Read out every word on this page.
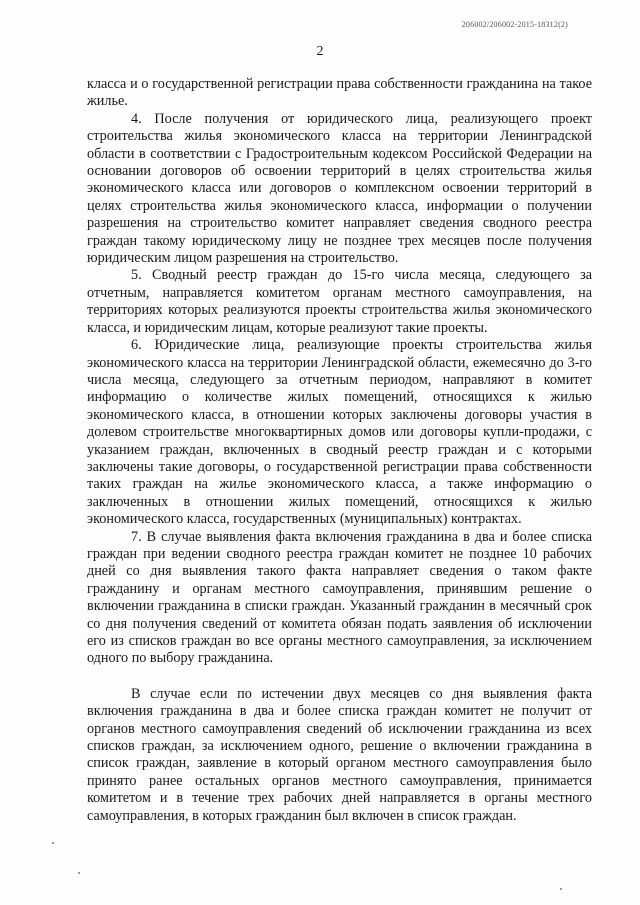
206002/206002-2015-18312(2)
2

класса и о государственной регистрации права собственности гражданина на такое жилье.

4. После получения от юридического лица, реализующего проект строительства жилья экономического класса на территории Ленинградской области в соответствии с Градостроительным кодексом Российской Федерации на основании договоров об освоении территорий в целях строительства жилья экономического класса или договоров о комплексном освоении территорий в целях строительства жилья экономического класса, информации о получении разрешения на строительство комитет направляет сведения сводного реестра граждан такому юридическому лицу не позднее трех месяцев после получения юридическим лицом разрешения на строительство.

5. Сводный реестр граждан до 15-го числа месяца, следующего за отчетным, направляется комитетом органам местного самоуправления, на территориях которых реализуются проекты строительства жилья экономического класса, и юридическим лицам, которые реализуют такие проекты.

6. Юридические лица, реализующие проекты строительства жилья экономического класса на территории Ленинградской области, ежемесячно до 3-го числа месяца, следующего за отчетным периодом, направляют в комитет информацию о количестве жилых помещений, относящихся к жилью экономического класса, в отношении которых заключены договоры участия в долевом строительстве многоквартирных домов или договоры купли-продажи, с указанием граждан, включенных в сводный реестр граждан и с которыми заключены такие договоры, о государственной регистрации права собственности таких граждан на жилье экономического класса, а также информацию о заключенных в отношении жилых помещений, относящихся к жилью экономического класса, государственных (муниципальных) контрактах.

7. В случае выявления факта включения гражданина в два и более списка граждан при ведении сводного реестра граждан комитет не позднее 10 рабочих дней со дня выявления такого факта направляет сведения о таком факте гражданину и органам местного самоуправления, принявшим решение о включении гражданина в списки граждан. Указанный гражданин в месячный срок со дня получения сведений от комитета обязан подать заявления об исключении его из списков граждан во все органы местного самоуправления, за исключением одного по выбору гражданина.

В случае если по истечении двух месяцев со дня выявления факта включения гражданина в два и более списка граждан комитет не получит от органов местного самоуправления сведений об исключении гражданина из всех списков граждан, за исключением одного, решение о включении гражданина в список граждан, заявление в который органом местного самоуправления было принято ранее остальных органов местного самоуправления, принимается комитетом и в течение трех рабочих дней направляется в органы местного самоуправления, в которых гражданин был включен в список граждан.
